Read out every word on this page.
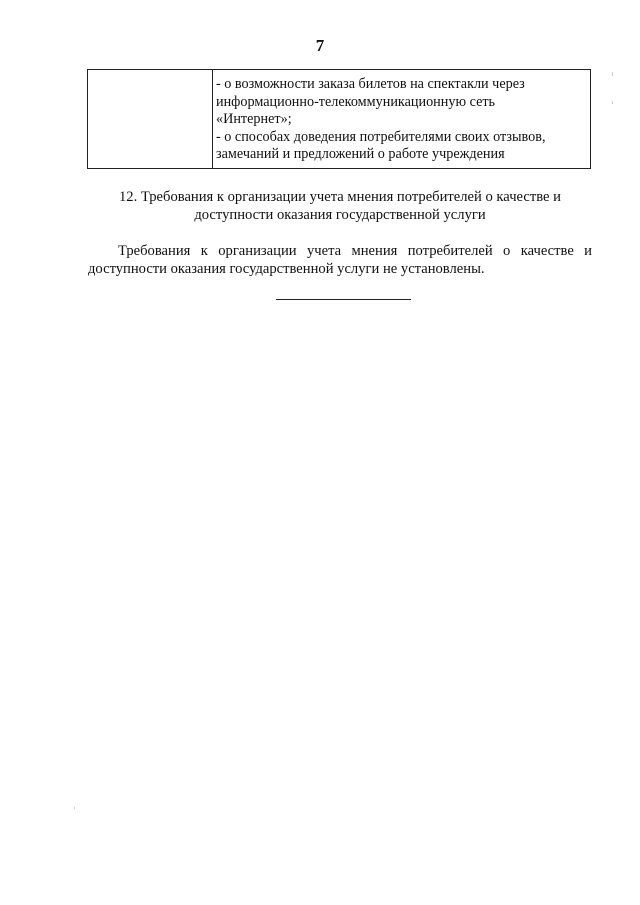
7

- о возможности заказа билетов на спектакли через
информационно-телекоммуникационную сеть
«Интернет»;
- о способах доведения потребителями своих отзывов,
замечаний и предложений о работе учреждения
12. Требования к организации учета мнения потребителей о качестве и
доступности оказания государственной услуги
Требования к организации учета мнения потребителей о качестве и
доступности оказания государственной услуги не установлены.
